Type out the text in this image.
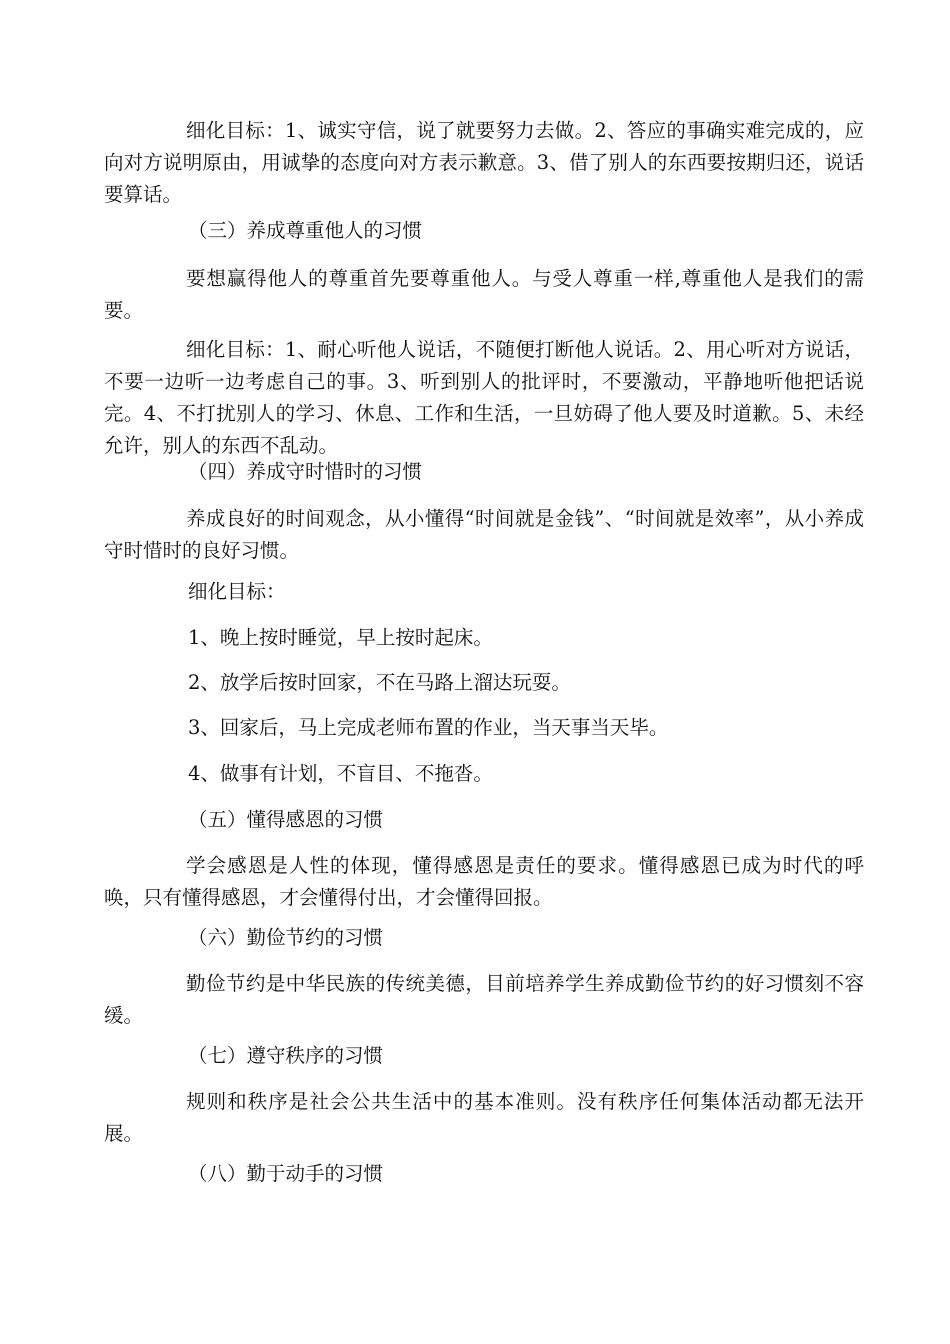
细化目标：1、诚实守信，说了就要努力去做。2、答应的事确实难完成的，应向对方说明原由，用诚挚的态度向对方表示歉意。3、借了别人的东西要按期归还，说话要算话。

（三）养成尊重他人的习惯

要想赢得他人的尊重首先要尊重他人。与受人尊重一样,尊重他人是我们的需要。

细化目标：1、耐心听他人说话，不随便打断他人说话。2、用心听对方说话，不要一边听一边考虑自己的事。3、听到别人的批评时，不要激动，平静地听他把话说完。4、不打扰别人的学习、休息、工作和生活，一旦妨碍了他人要及时道歉。5、未经允许，别人的东西不乱动。

（四）养成守时惜时的习惯

养成良好的时间观念，从小懂得“时间就是金钱”、“时间就是效率”，从小养成守时惜时的良好习惯。

细化目标：

1、晚上按时睡觉，早上按时起床。

2、放学后按时回家，不在马路上溜达玩耍。

3、回家后，马上完成老师布置的作业，当天事当天毕。

4、做事有计划，不盲目、不拖沓。

（五）懂得感恩的习惯

学会感恩是人性的体现，懂得感恩是责任的要求。懂得感恩已成为时代的呼唤，只有懂得感恩，才会懂得付出，才会懂得回报。

（六）勤俭节约的习惯

勤俭节约是中华民族的传统美德，目前培养学生养成勤俭节约的好习惯刻不容缓。

（七）遵守秩序的习惯

规则和秩序是社会公共生活中的基本准则。没有秩序任何集体活动都无法开展。

（八）勤于动手的习惯
